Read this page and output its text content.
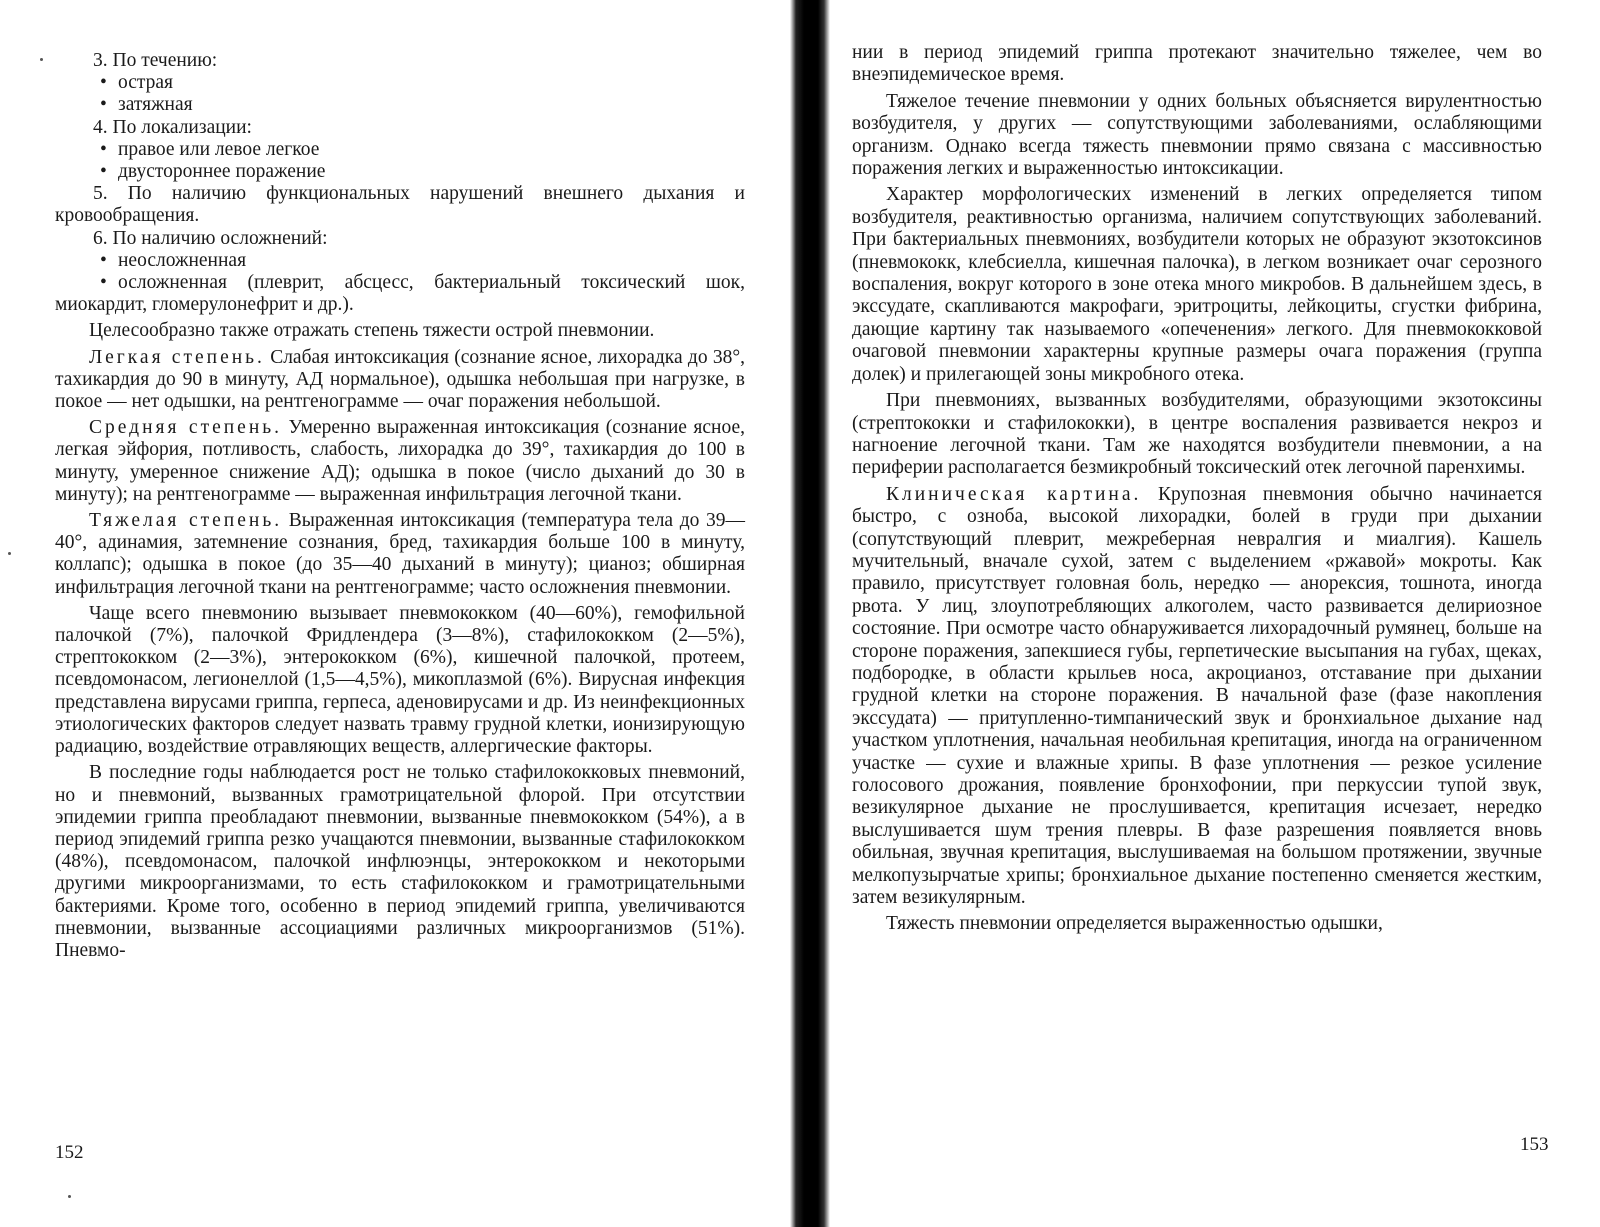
3. По течению:

• острая

• затяжная

4. По локализации:

• правое или левое легкое

• двустороннее поражение

5. По наличию функциональных нарушений внешнего дыхания и кровообращения.

6. По наличию осложнений:

• неосложненная

• осложненная (плеврит, абсцесс, бактериальный токсический шок, миокардит, гломерулонефрит и др.).

Целесообразно также отражать степень тяжести острой пневмонии.

Легкая степень. Слабая интоксикация (сознание ясное, лихорадка до 38°, тахикардия до 90 в минуту, АД нормальное), одышка небольшая при нагрузке, в покое — нет одышки, на рентгенограмме — очаг поражения небольшой.

Средняя степень. Умеренно выраженная интоксикация (сознание ясное, легкая эйфория, потливость, слабость, лихорадка до 39°, тахикардия до 100 в минуту, умеренное снижение АД); одышка в покое (число дыханий до 30 в минуту); на рентгенограмме — выраженная инфильтрация легочной ткани.

Тяжелая степень. Выраженная интоксикация (температура тела до 39—40°, адинамия, затемнение сознания, бред, тахикардия больше 100 в минуту, коллапс); одышка в покое (до 35—40 дыханий в минуту); цианоз; обширная инфильтрация легочной ткани на рентгенограмме; часто осложнения пневмонии.

Чаще всего пневмонию вызывает пневмококком (40—60%), гемофильной палочкой (7%), палочкой Фридлендера (3—8%), стафилококком (2—5%), стрептококком (2—3%), энтерококком (6%), кишечной палочкой, протеем, псевдомонасом, легионеллой (1,5—4,5%), микоплазмой (6%). Вирусная инфекция представлена вирусами гриппа, герпеса, аденовирусами и др. Из неинфекционных этиологических факторов следует назвать травму грудной клетки, ионизирующую радиацию, воздействие отравляющих веществ, аллергические факторы.

В последние годы наблюдается рост не только стафилококковых пневмоний, но и пневмоний, вызванных грамотрицательной флорой. При отсутствии эпидемии гриппа преобладают пневмонии, вызванные пневмококком (54%), а в период эпидемий гриппа резко учащаются пневмонии, вызванные стафилококком (48%), псевдомонасом, палочкой инфлюэнцы, энтерококком и некоторыми другими микроорганизмами, то есть стафилококком и грамотрицательными бактериями. Кроме того, особенно в период эпидемий гриппа, увеличиваются пневмонии, вызванные ассоциациями различных микроорганизмов (51%). Пневмо-

152

нии в период эпидемий гриппа протекают значительно тяжелее, чем во внеэпидемическое время.

Тяжелое течение пневмонии у одних больных объясняется вирулентностью возбудителя, у других — сопутствующими заболеваниями, ослабляющими организм. Однако всегда тяжесть пневмонии прямо связана с массивностью поражения легких и выраженностью интоксикации.

Характер морфологических изменений в легких определяется типом возбудителя, реактивностью организма, наличием сопутствующих заболеваний. При бактериальных пневмониях, возбудители которых не образуют экзотоксинов (пневмококк, клебсиелла, кишечная палочка), в легком возникает очаг серозного воспаления, вокруг которого в зоне отека много микробов. В дальнейшем здесь, в экссудате, скапливаются макрофаги, эритроциты, лейкоциты, сгустки фибрина, дающие картину так называемого «опеченения» легкого. Для пневмококковой очаговой пневмонии характерны крупные размеры очага поражения (группа долек) и прилегающей зоны микробного отека.

При пневмониях, вызванных возбудителями, образующими экзотоксины (стрептококки и стафилококки), в центре воспаления развивается некроз и нагноение легочной ткани. Там же находятся возбудители пневмонии, а на периферии располагается безмикробный токсический отек легочной паренхимы.

Клиническая картина. Крупозная пневмония обычно начинается быстро, с озноба, высокой лихорадки, болей в груди при дыхании (сопутствующий плеврит, межреберная невралгия и миалгия). Кашель мучительный, вначале сухой, затем с выделением «ржавой» мокроты. Как правило, присутствует головная боль, нередко — анорексия, тошнота, иногда рвота. У лиц, злоупотребляющих алкоголем, часто развивается делириозное состояние. При осмотре часто обнаруживается лихорадочный румянец, больше на стороне поражения, запекшиеся губы, герпетические высыпания на губах, щеках, подбородке, в области крыльев носа, акроцианоз, отставание при дыхании грудной клетки на стороне поражения. В начальной фазе (фазе накопления экссудата) — притупленно-тимпанический звук и бронхиальное дыхание над участком уплотнения, начальная необильная крепитация, иногда на ограниченном участке — сухие и влажные хрипы. В фазе уплотнения — резкое усиление голосового дрожания, появление бронхофонии, при перкуссии тупой звук, везикулярное дыхание не прослушивается, крепитация исчезает, нередко выслушивается шум трения плевры. В фазе разрешения появляется вновь обильная, звучная крепитация, выслушиваемая на большом протяжении, звучные мелкопузырчатые хрипы; бронхиальное дыхание постепенно сменяется жестким, затем везикулярным.

Тяжесть пневмонии определяется выраженностью одышки,

153
